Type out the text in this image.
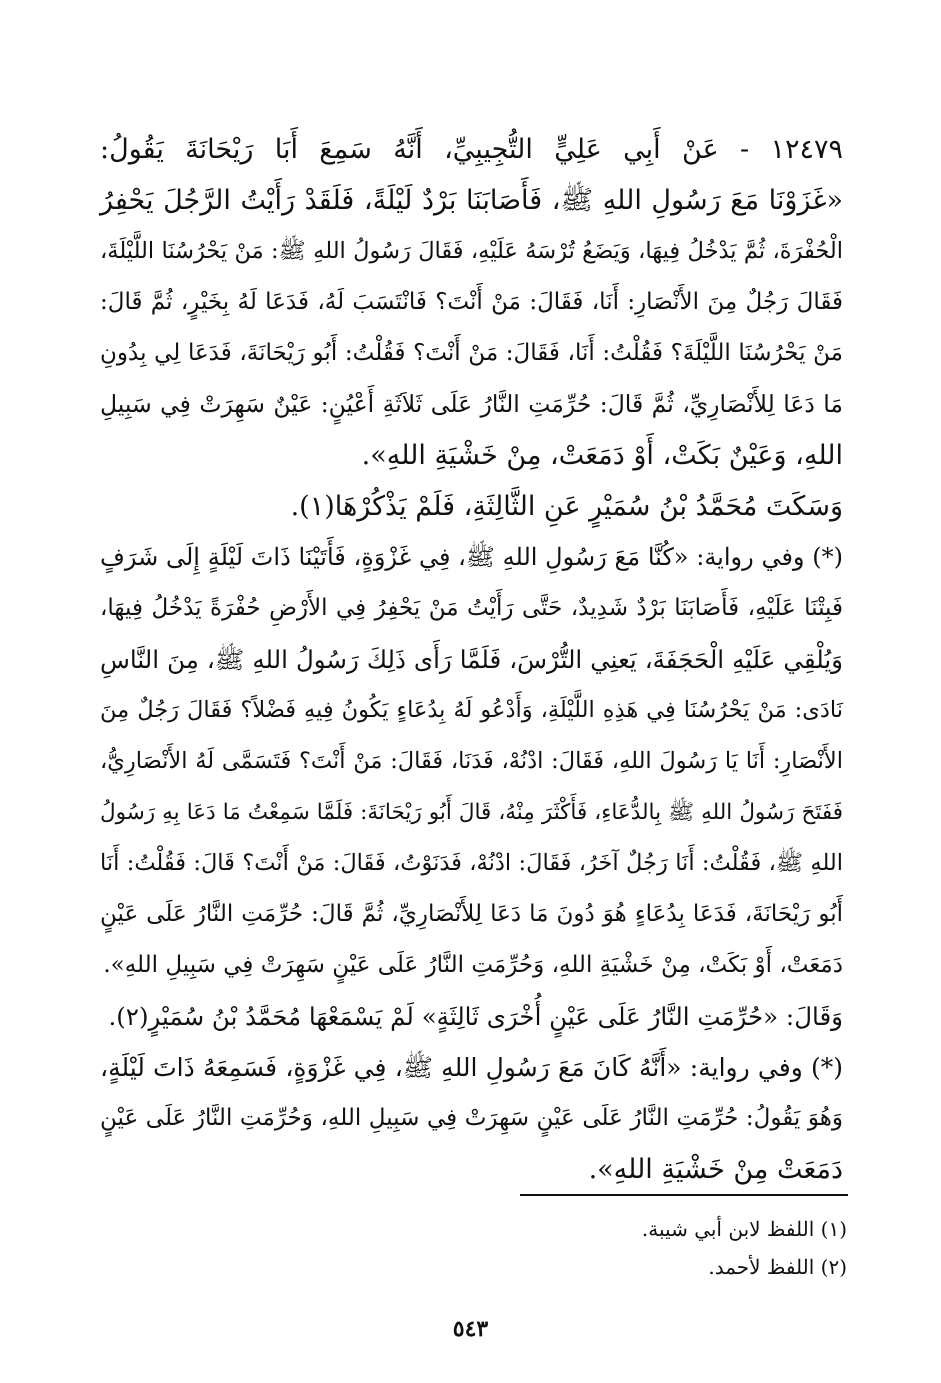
١٢٤٧٩ - عَنْ أَبِي عَلِيٍّ التُّجِيبِيِّ، أَنَّهُ سَمِعَ أَبَا رَيْحَانَةَ يَقُولُ:
«غَزَوْنَا مَعَ رَسُولِ اللهِ ﷺ، فَأَصَابَنَا بَرْدٌ لَيْلَةً، فَلَقَدْ رَأَيْتُ الرَّجُلَ يَحْفِرُ
الْحُفْرَةَ، ثُمَّ يَدْخُلُ فِيهَا، وَيَضَعُ تُرْسَهُ عَلَيْهِ، فَقَالَ رَسُولُ اللهِ ﷺ: مَنْ يَحْرُسُنَا اللَّيْلَةَ،
فَقَالَ رَجُلٌ مِنَ الأَنْصَارِ: أَنَا، فَقَالَ: مَنْ أَنْتَ؟ فَانْتَسَبَ لَهُ، فَدَعَا لَهُ بِخَيْرٍ، ثُمَّ قَالَ:
مَنْ يَحْرُسُنَا اللَّيْلَةَ؟ فَقُلْتُ: أَنَا، فَقَالَ: مَنْ أَنْتَ؟ فَقُلْتُ: أَبُو رَيْحَانَةَ، فَدَعَا لِي بِدُونِ
مَا دَعَا لِلأَنْصَارِيِّ، ثُمَّ قَالَ: حُرِّمَتِ النَّارُ عَلَى ثَلاَثَةِ أَعْيُنٍ: عَيْنٌ سَهِرَتْ فِي سَبِيلِ
اللهِ، وَعَيْنٌ بَكَتْ، أَوْ دَمَعَتْ، مِنْ خَشْيَةِ اللهِ».
وَسَكَتَ مُحَمَّدُ بْنُ سُمَيْرٍ عَنِ الثَّالِثَةِ، فَلَمْ يَذْكُرْهَا(١).
(*) وفي رواية: «كُنَّا مَعَ رَسُولِ اللهِ ﷺ، فِي غَزْوَةٍ، فَأَتَيْنَا ذَاتَ لَيْلَةٍ إِلَى شَرَفٍ
فَبِتْنَا عَلَيْهِ، فَأَصَابَنَا بَرْدٌ شَدِيدٌ، حَتَّى رَأَيْتُ مَنْ يَحْفِرُ فِي الأَرْضِ حُفْرَةً يَدْخُلُ فِيهَا،
وَيُلْقِي عَلَيْهِ الْحَجَفَةَ، يَعنِي التُّرْسَ، فَلَمَّا رَأَى ذَلِكَ رَسُولُ اللهِ ﷺ، مِنَ النَّاسِ
نَادَى: مَنْ يَحْرُسُنَا فِي هَذِهِ اللَّيْلَةِ، وَأَدْعُو لَهُ بِدُعَاءٍ يَكُونُ فِيهِ فَضْلاً؟ فَقَالَ رَجُلٌ مِنَ
الأَنْصَارِ: أَنَا يَا رَسُولَ اللهِ، فَقَالَ: ادْنُهْ، فَدَنَا، فَقَالَ: مَنْ أَنْتَ؟ فَتَسَمَّى لَهُ الأَنْصَارِيُّ،
فَفَتَحَ رَسُولُ اللهِ ﷺ بِالدُّعَاءِ، فَأَكْثَرَ مِنْهُ، قَالَ أَبُو رَيْحَانَةَ: فَلَمَّا سَمِعْتُ مَا دَعَا بِهِ رَسُولُ
اللهِ ﷺ، فَقُلْتُ: أَنَا رَجُلٌ آخَرُ، فَقَالَ: ادْنُهْ، فَدَنَوْتُ، فَقَالَ: مَنْ أَنْتَ؟ قَالَ: فَقُلْتُ: أَنَا
أَبُو رَيْحَانَةَ، فَدَعَا بِدُعَاءٍ هُوَ دُونَ مَا دَعَا لِلأَنْصَارِيِّ، ثُمَّ قَالَ: حُرِّمَتِ النَّارُ عَلَى عَيْنٍ
دَمَعَتْ، أَوْ بَكَتْ، مِنْ خَشْيَةِ اللهِ، وَحُرِّمَتِ النَّارُ عَلَى عَيْنٍ سَهِرَتْ فِي سَبِيلِ اللهِ».
وَقَالَ: «حُرِّمَتِ النَّارُ عَلَى عَيْنٍ أُخْرَى ثَالِثَةٍ» لَمْ يَسْمَعْهَا مُحَمَّدُ بْنُ سُمَيْرٍ(٢).
(*) وفي رواية: «أَنَّهُ كَانَ مَعَ رَسُولِ اللهِ ﷺ، فِي غَزْوَةٍ، فَسَمِعَهُ ذَاتَ لَيْلَةٍ،
وَهُوَ يَقُولُ: حُرِّمَتِ النَّارُ عَلَى عَيْنٍ سَهِرَتْ فِي سَبِيلِ اللهِ، وَحُرِّمَتِ النَّارُ عَلَى عَيْنٍ
دَمَعَتْ مِنْ خَشْيَةِ اللهِ».
(١) اللفظ لابن أبي شيبة.
(٢) اللفظ لأحمد.
٥٤٣
